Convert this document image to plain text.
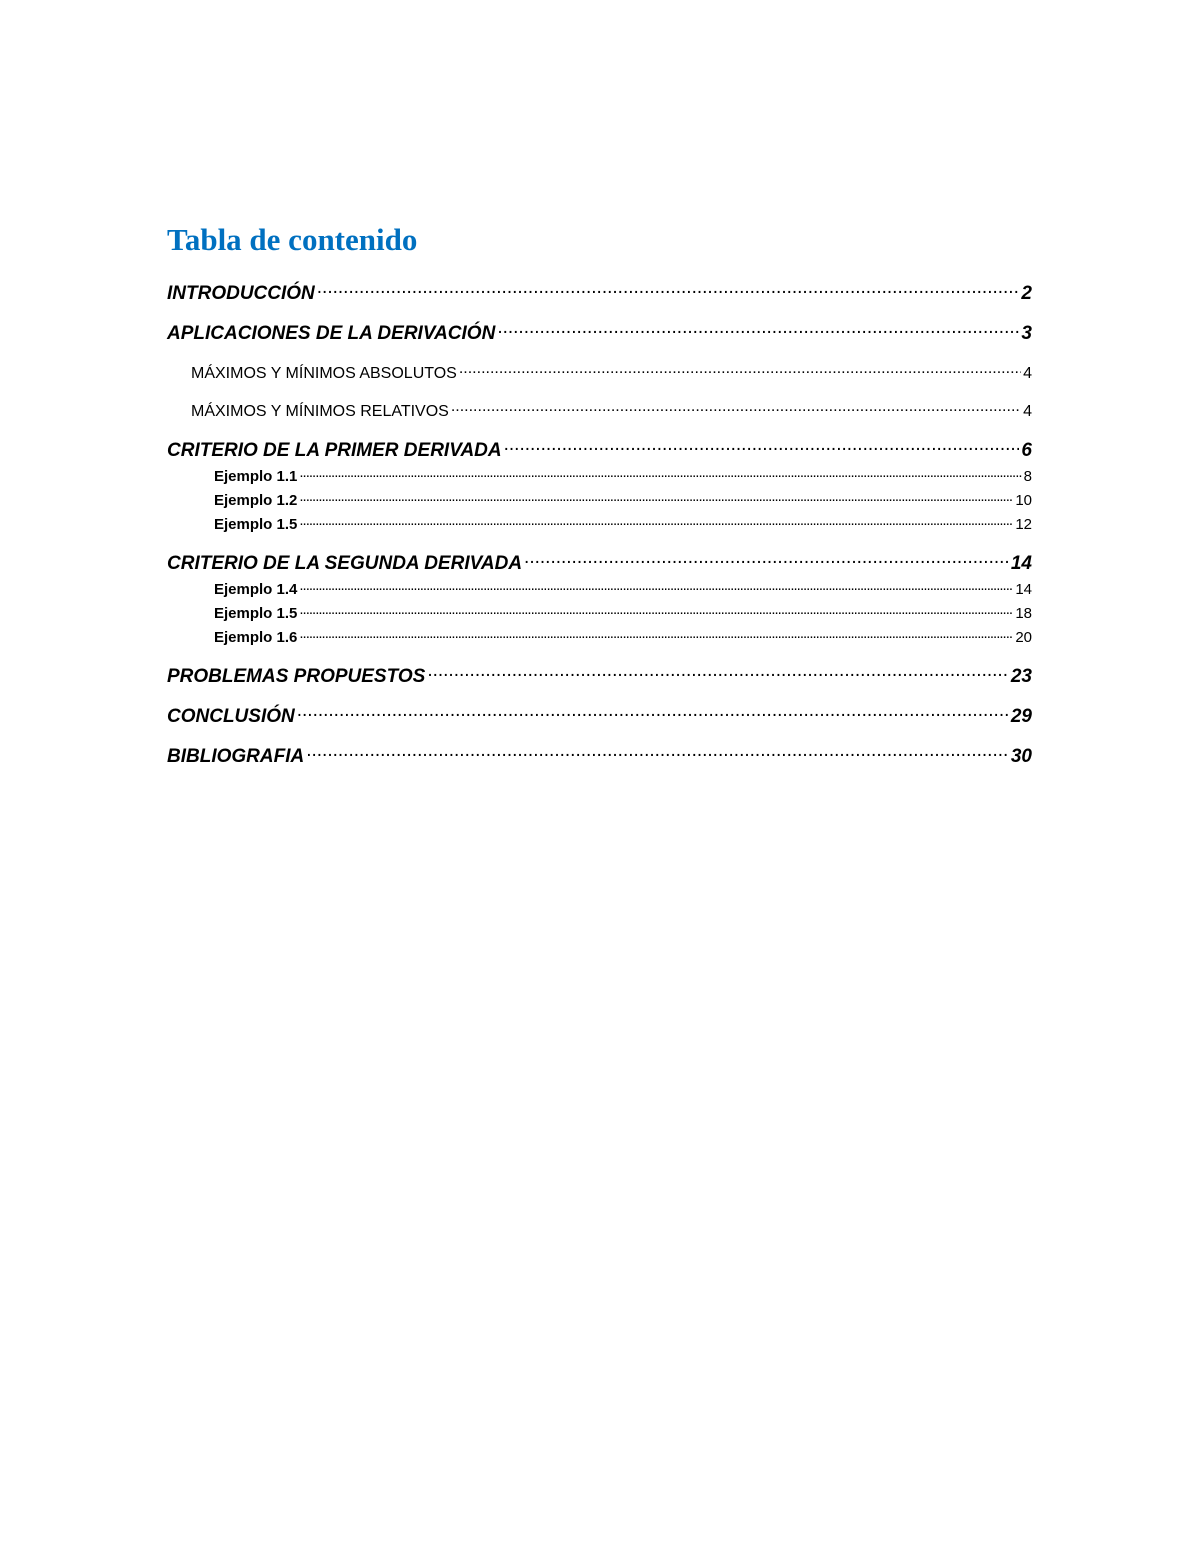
Tabla de contenido
INTRODUCCIÓN .....	2
APLICACIONES DE LA DERIVACIÓN .....	3
MÁXIMOS Y MÍNIMOS ABSOLUTOS .....	4
MÁXIMOS Y MÍNIMOS RELATIVOS .....	4
CRITERIO DE LA PRIMER DERIVADA .....	6
Ejemplo 1.1 .....	8
Ejemplo 1.2 .....	10
Ejemplo 1.5 .....	12
CRITERIO DE LA SEGUNDA DERIVADA .....	14
Ejemplo 1.4 .....	14
Ejemplo 1.5 .....	18
Ejemplo 1.6 .....	20
PROBLEMAS PROPUESTOS .....	23
CONCLUSIÓN .....	29
BIBLIOGRAFIA .....	30
